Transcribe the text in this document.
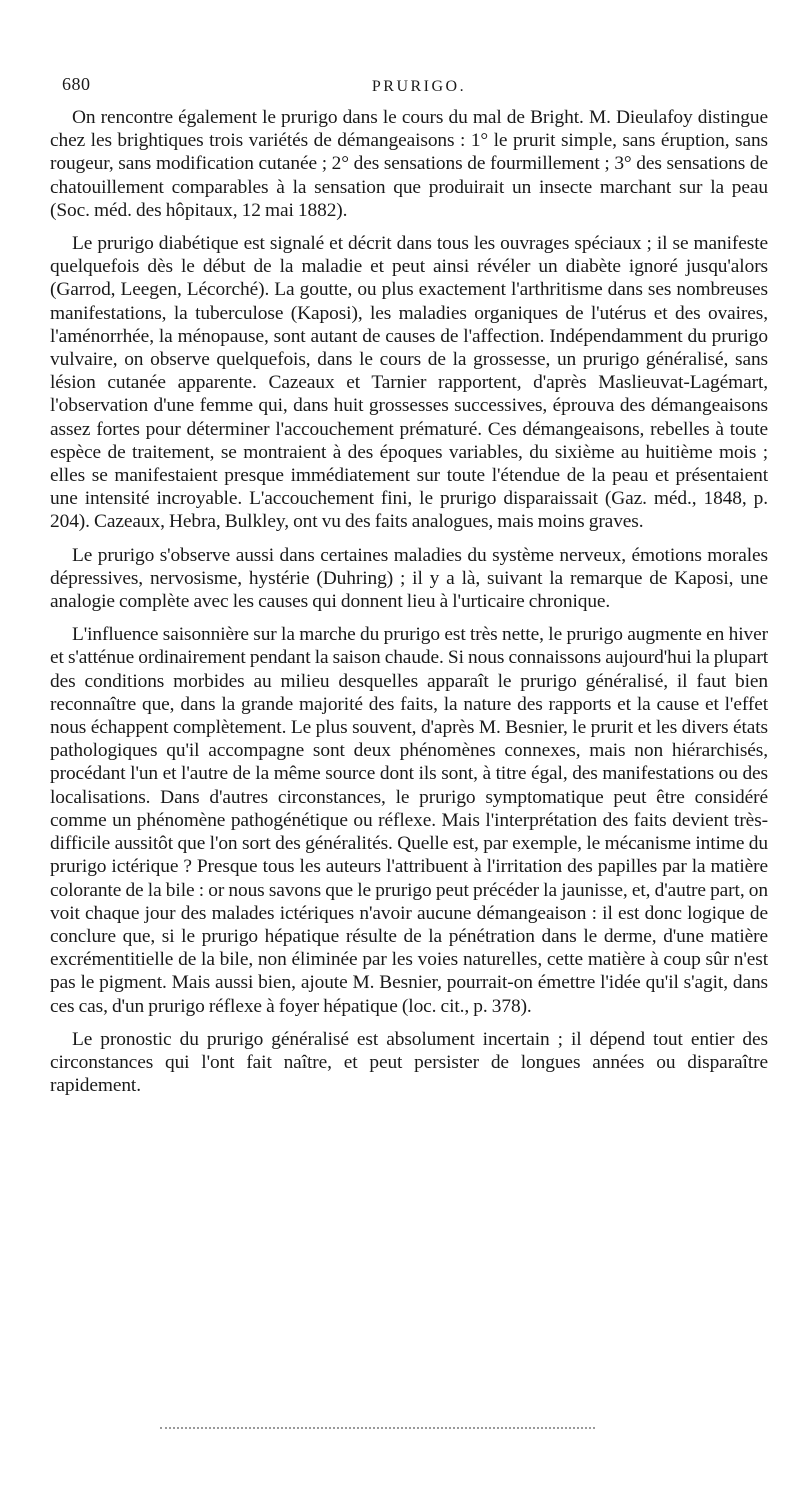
680	PRURIGO.

On rencontre également le prurigo dans le cours du mal de Bright. M. Dieulafoy distingue chez les brightiques trois variétés de démangeaisons : 1° le prurit simple, sans éruption, sans rougeur, sans modification cutanée ; 2° des sensations de fourmillement ; 3° des sensations de chatouillement comparables à la sensation que produirait un insecte marchant sur la peau (Soc. méd. des hôpitaux, 12 mai 1882).

Le prurigo diabétique est signalé et décrit dans tous les ouvrages spéciaux ; il se manifeste quelquefois dès le début de la maladie et peut ainsi révéler un diabète ignoré jusqu'alors (Garrod, Leegen, Lécorché). La goutte, ou plus exactement l'arthritisme dans ses nombreuses manifestations, la tuberculose (Kaposi), les maladies organiques de l'utérus et des ovaires, l'aménorrhée, la ménopause, sont autant de causes de l'affection. Indépendamment du prurigo vulvaire, on observe quelquefois, dans le cours de la grossesse, un prurigo généralisé, sans lésion cutanée apparente. Cazeaux et Tarnier rapportent, d'après Maslieuvat-Lagémart, l'observation d'une femme qui, dans huit grossesses successives, éprouva des démangeaisons assez fortes pour déterminer l'accouchement prématuré. Ces démangeaisons, rebelles à toute espèce de traitement, se montraient à des époques variables, du sixième au huitième mois ; elles se manifestaient presque immédiatement sur toute l'étendue de la peau et présentaient une intensité incroyable. L'accouchement fini, le prurigo disparaissait (Gaz. méd., 1848, p. 204). Cazeaux, Hebra, Bulkley, ont vu des faits analogues, mais moins graves.

Le prurigo s'observe aussi dans certaines maladies du système nerveux, émotions morales dépressives, nervosisme, hystérie (Duhring) ; il y a là, suivant la remarque de Kaposi, une analogie complète avec les causes qui donnent lieu à l'urticaire chronique.

L'influence saisonnière sur la marche du prurigo est très nette, le prurigo augmente en hiver et s'atténue ordinairement pendant la saison chaude. Si nous connaissons aujourd'hui la plupart des conditions morbides au milieu desquelles apparaît le prurigo généralisé, il faut bien reconnaître que, dans la grande majorité des faits, la nature des rapports et la cause et l'effet nous échappent complètement. Le plus souvent, d'après M. Besnier, le prurit et les divers états pathologiques qu'il accompagne sont deux phénomènes connexes, mais non hiérarchisés, procédant l'un et l'autre de la même source dont ils sont, à titre égal, des manifestations ou des localisations. Dans d'autres circonstances, le prurigo symptomatique peut être considéré comme un phénomène pathogénétique ou réflexe. Mais l'interprétation des faits devient très-difficile aussitôt que l'on sort des généralités. Quelle est, par exemple, le mécanisme intime du prurigo ictérique ? Presque tous les auteurs l'attribuent à l'irritation des papilles par la matière colorante de la bile : or nous savons que le prurigo peut précéder la jaunisse, et, d'autre part, on voit chaque jour des malades ictériques n'avoir aucune démangeaison : il est donc logique de conclure que, si le prurigo hépatique résulte de la pénétration dans le derme, d'une matière excrémentitielle de la bile, non éliminée par les voies naturelles, cette matière à coup sûr n'est pas le pigment. Mais aussi bien, ajoute M. Besnier, pourrait-on émettre l'idée qu'il s'agit, dans ces cas, d'un prurigo réflexe à foyer hépatique (loc. cit., p. 378).

Le pronostic du prurigo généralisé est absolument incertain ; il dépend tout entier des circonstances qui l'ont fait naître, et peut persister de longues années ou disparaître rapidement.
